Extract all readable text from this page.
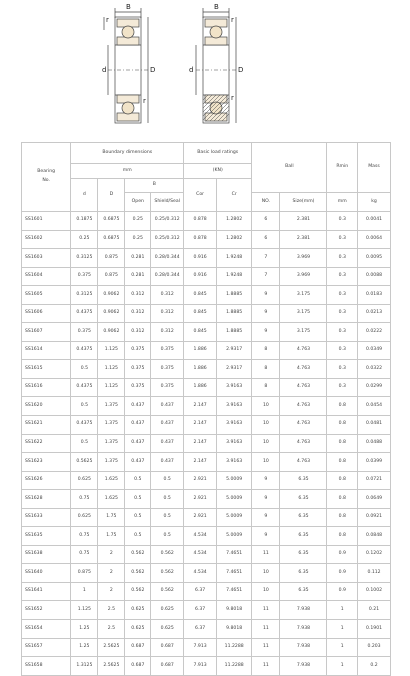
B
d	D
r
r
B
d	D
r
r
Bearing

No.	Boundary dimensions				Basic load ratings		Ball		Rmin	Mass
	mm				(KN)					
	d	D	B		Cor	Cr				
			Open	Shield/Seal			NO.	Size(mm)	mm	kg
SS1601	0.1875	0.6875	0.25	0.25/0.312	0.878	1.2802	6	2.381	0.3	0.0041
SS1602	0.25	0.6875	0.25	0.25/0.312	0.878	1.2802	6	2.381	0.3	0.0064
SS1603	0.3125	0.875	0.281	0.28/0.344	0.916	1.9248	7	3.969	0.3	0.0095
SS1604	0.375	0.875	0.281	0.28/0.344	0.916	1.9248	7	3.969	0.3	0.0088
SS1605	0.3125	0.9062	0.312	0.312	0.845	1.8885	9	3.175	0.3	0.0183
SS1606	0.4375	0.9062	0.312	0.312	0.845	1.8885	9	3.175	0.3	0.0213
SS1607	0.375	0.9062	0.312	0.312	0.845	1.8885	9	3.175	0.3	0.0222
SS1614	0.4375	1.125	0.375	0.375	1.886	2.9317	8	4.763	0.3	0.0349
SS1615	0.5	1.125	0.375	0.375	1.886	2.9317	8	4.763	0.3	0.0322
SS1616	0.4375	1.125	0.375	0.375	1.886	3.9163	8	4.763	0.3	0.0299
SS1620	0.5	1.375	0.437	0.437	2.147	3.9163	10	4.763	0.8	0.0454
SS1621	0.4375	1.375	0.437	0.437	2.147	3.9163	10	4.763	0.8	0.0481
SS1622	0.5	1.375	0.437	0.437	2.147	3.9163	10	4.763	0.8	0.0488
SS1623	0.5625	1.375	0.437	0.437	2.147	3.9163	10	4.763	0.8	0.0399
SS1626	0.625	1.625	0.5	0.5	2.921	5.0009	9	6.35	0.8	0.0721
SS1628	0.75	1.625	0.5	0.5	2.921	5.0009	9	6.35	0.8	0.0649
SS1633	0.625	1.75	0.5	0.5	2.921	5.0009	9	6.35	0.8	0.0921
SS1635	0.75	1.75	0.5	0.5	4.534	5.0009	9	6.35	0.8	0.0848
SS1638	0.75	2	0.562	0.562	4.534	7.4651	11	6.35	0.9	0.1202
SS1640	0.875	2	0.562	0.562	4.534	7.4651	10	6.35	0.9	0.112
SS1641	1	2	0.562	0.562	6.37	7.4651	10	6.35	0.9	0.1002
SS1652	1.125	2.5	0.625	0.625	6.37	9.8018	11	7.938	1	0.21
SS1654	1.25	2.5	0.625	0.625	6.37	9.8018	11	7.938	1	0.1901
SS1657	1.25	2.5625	0.687	0.687	7.913	11.2288	11	7.938	1	0.203
SS1658	1.3125	2.5625	0.687	0.687	7.913	11.2288	11	7.938	1	0.2
